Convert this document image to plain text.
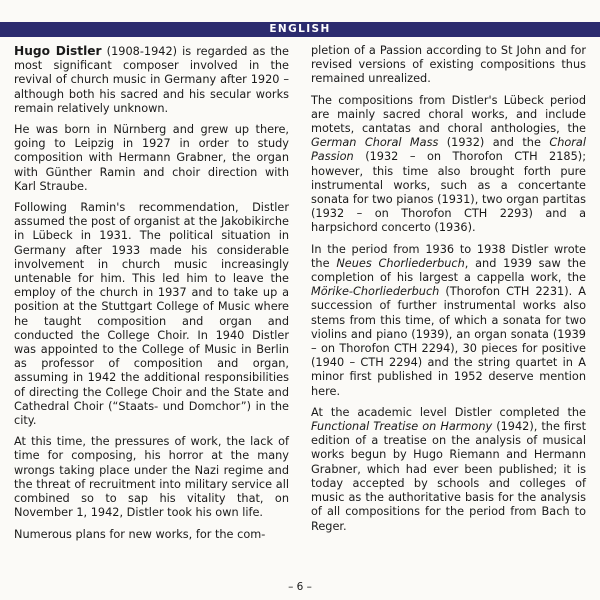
ENGLISH

Hugo Distler (1908-1942) is regarded as the most significant composer involved in the revival of church music in Germany after 1920 – although both his sacred and his secular works remain relatively unknown.

He was born in Nürnberg and grew up there, going to Leipzig in 1927 in order to study composition with Hermann Grabner, the organ with Günther Ramin and choir direction with Karl Straube.

Following Ramin's recommendation, Distler assumed the post of organist at the Jakobikirche in Lübeck in 1931. The political situation in Germany after 1933 made his considerable involvement in church music increasingly untenable for him. This led him to leave the employ of the church in 1937 and to take up a position at the Stuttgart College of Music where he taught composition and organ and conducted the College Choir. In 1940 Distler was appointed to the College of Music in Berlin as professor of composition and organ, assuming in 1942 the additional responsibilities of directing the College Choir and the State and Cathedral Choir (“Staats- und Domchor”) in the city.

At this time, the pressures of work, the lack of time for composing, his horror at the many wrongs taking place under the Nazi regime and the threat of recruitment into military service all combined so to sap his vitality that, on November 1, 1942, Distler took his own life.

Numerous plans for new works, for the com-

pletion of a Passion according to St John and for revised versions of existing compositions thus remained unrealized.

The compositions from Distler's Lübeck period are mainly sacred choral works, and include motets, cantatas and choral anthologies, the German Choral Mass (1932) and the Choral Passion (1932 – on Thorofon CTH 2185); however, this time also brought forth pure instrumental works, such as a concertante sonata for two pianos (1931), two organ partitas (1932 – on Thorofon CTH 2293) and a harpsichord concerto (1936).

In the period from 1936 to 1938 Distler wrote the Neues Chorliederbuch, and 1939 saw the completion of his largest a cappella work, the Mörike-Chorliederbuch (Thorofon CTH 2231). A succession of further instrumental works also stems from this time, of which a sonata for two violins and piano (1939), an organ sonata (1939 – on Thorofon CTH 2294), 30 pieces for positive (1940 – CTH 2294) and the string quartet in A minor first published in 1952 deserve mention here.

At the academic level Distler completed the Functional Treatise on Harmony (1942), the first edition of a treatise on the analysis of musical works begun by Hugo Riemann and Hermann Grabner, which had ever been published; it is today accepted by schools and colleges of music as the authoritative basis for the analysis of all compositions for the period from Bach to Reger.

– 6 –
